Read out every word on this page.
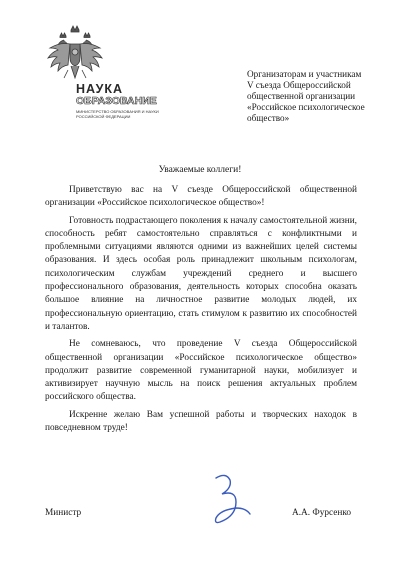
НАУКА
ОБРАЗОВАНИЕ
МИНИСТЕРСТВО ОБРАЗОВАНИЯ И НАУКИ
РОССИЙСКОЙ ФЕДЕРАЦИИ
Организаторам и участникам
V съезда Общероссийской
общественной организации
«Российское психологическое
общество»
Уважаемые коллеги!

Приветствую вас на V съезде Общероссийской общественной организации «Российское психологическое общество»!

Готовность подрастающего поколения к началу самостоятельной жизни, способность ребят самостоятельно справляться с конфликтными и проблемными ситуациями являются одними из важнейших целей системы образования. И здесь особая роль принадлежит школьным психологам, психологическим службам учреждений среднего и высшего профессионального образования, деятельность которых способна оказать большое влияние на личностное развитие молодых людей, их профессиональную ориентацию, стать стимулом к развитию их способностей и талантов.

Не сомневаюсь, что проведение V съезда Общероссийской общественной организации «Российское психологическое общество» продолжит развитие современной гуманитарной науки, мобилизует и активизирует научную мысль на поиск решения актуальных проблем российского общества.

Искренне желаю Вам успешной работы и творческих находок в повседневном труде!

Министр	А.А. Фурсенко
